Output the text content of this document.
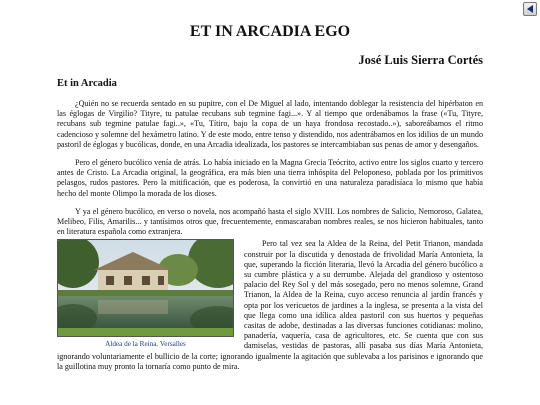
ET IN ARCADIA EGO
José Luis Sierra Cortés
Et in Arcadia

¿Quién no se recuerda sentado en su pupitre, con el De Miguel al lado, intentando doblegar la resistencia del hipérbaton en las églogas de Virgilio? Tityre, tu patulae recubans sub tegmine fagi...». Y al tiempo que ordenábamos la frase («Tu, Tityre, recubans sub tegmine patulae fagi..», «Tu, Títiro, bajo la copa de un haya frondosa recostado..»), saboreábamos el ritmo cadencioso y solemne del hexámetro latino. Y de este modo, entre tenso y distendido, nos adentrábamos en los idilios de un mundo pastoril de églogas y bucólicas, donde, en una Arcadia idealizada, los pastores se intercambiaban sus penas de amor y desengaños.

Pero el género bucólico venía de atrás. Lo había iniciado en la Magna Grecia Teócrito, activo entre los siglos cuarto y tercero antes de Cristo. La Arcadia original, la geográfica, era más bien una tierra inhóspita del Peloponeso, poblada por los primitivos pelasgos, rudos pastores. Pero la mitificación, que es poderosa, la convirtió en una naturaleza paradisíaca lo mismo que había hecho del monte Olimpo la morada de los dioses.

Y ya el género bucólico, en verso o novela, nos acompañó hasta el siglo XVIII. Los nombres de Salicio, Nemoroso, Galatea, Melibeo, Filis, Amarilis... y tantísimos otros que, frecuentemente, enmascaraban nombres reales, se nos hicieron habituales, tanto en literatura española como extranjera.

Aldea de la Reina. Versalles

Pero tal vez sea la Aldea de la Reina, del Petit Trianon, mandada construir por la discutida y denostada de frivolidad María Antonieta, la que, superando la ficción literaria, llevó la Arcadia del género bucólico a su cumbre plástica y a su derrumbe. Alejada del grandioso y ostentoso palacio del Rey Sol y del más sosegado, pero no menos solemne, Grand Trianon, la Aldea de la Reina, cuyo acceso renuncia al jardín francés y opta por los vericuetos de jardines a la inglesa, se presenta a la vista del que llega como una idílica aldea pastoril con sus huertos y pequeñas casitas de adobe, destinadas a las diversas funciones cotidianas: molino, panadería, vaquería, casa de agricultores, etc. Se cuenta que con sus damiselas, vestidas de pastoras, allí pasaba sus días María Antonieta, ignorando voluntariamente el bullicio de la corte; ignorando igualmente la agitación que sublevaba a los parisinos e ignorando que la guillotina muy pronto la tornaría como punto de mira.
